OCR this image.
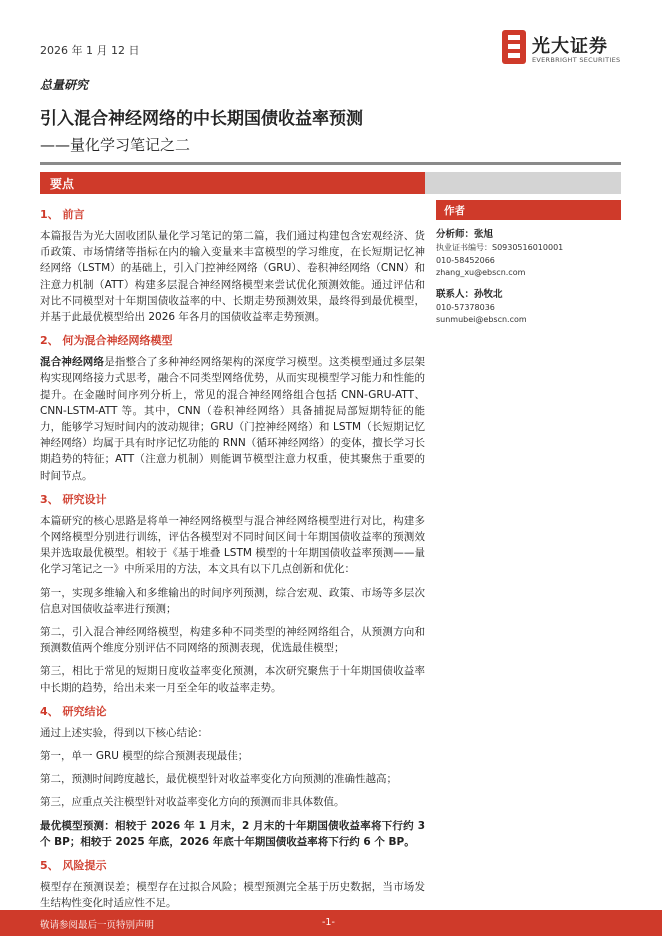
2026 年 1 月 12 日	光大证券
EVERBRIGHT SECURITIES
总量研究
引入混合神经网络的中长期国债收益率预测
——量化学习笔记之二
要点
1、 前言

本篇报告为光大固收团队量化学习笔记的第二篇，我们通过构建包含宏观经济、货币政策、市场情绪等指标在内的输入变量来丰富模型的学习维度，在长短期记忆神经网络（LSTM）的基础上，引入门控神经网络（GRU）、卷积神经网络（CNN）和注意力机制（ATT）构建多层混合神经网络模型来尝试优化预测效能。通过评估和对比不同模型对十年期国债收益率的中、长期走势预测效果，最终得到最优模型，并基于此最优模型给出 2026 年各月的国债收益率走势预测。

2、 何为混合神经网络模型

混合神经网络是指整合了多种神经网络架构的深度学习模型。这类模型通过多层架构实现网络接力式思考，融合不同类型网络优势，从而实现模型学习能力和性能的提升。在金融时间序列分析上，常见的混合神经网络组合包括 CNN-GRU-ATT、CNN-LSTM-ATT 等。其中，CNN（卷积神经网络）具备捕捉局部短期特征的能力，能够学习短时间内的波动规律；GRU（门控神经网络）和 LSTM（长短期记忆神经网络）均属于具有时序记忆功能的 RNN（循环神经网络）的变体，擅长学习长期趋势的特征；ATT（注意力机制）则能调节模型注意力权重，使其聚焦于重要的时间节点。

3、 研究设计

本篇研究的核心思路是将单一神经网络模型与混合神经网络模型进行对比，构建多个网络模型分别进行训练，评估各模型对不同时间区间十年期国债收益率的预测效果并选取最优模型。相较于《基于堆叠 LSTM 模型的十年期国债收益率预测——量化学习笔记之一》中所采用的方法，本文具有以下几点创新和优化：

第一，实现多维输入和多维输出的时间序列预测，综合宏观、政策、市场等多层次信息对国债收益率进行预测；

第二，引入混合神经网络模型，构建多种不同类型的神经网络组合，从预测方向和预测数值两个维度分别评估不同网络的预测表现，优选最佳模型；

第三，相比于常见的短期日度收益率变化预测，本次研究聚焦于十年期国债收益率中长期的趋势，给出未来一月至全年的收益率走势。

4、 研究结论

通过上述实验，得到以下核心结论：

第一，单一 GRU 模型的综合预测表现最佳；

第二，预测时间跨度越长，最优模型针对收益率变化方向预测的准确性越高；

第三，应重点关注模型针对收益率变化方向的预测而非具体数值。

最优模型预测：相较于 2026 年 1 月末，2 月末的十年期国债收益率将下行约 3 个 BP；相较于 2025 年底，2026 年底十年期国债收益率将下行约 6 个 BP。

5、 风险提示

模型存在预测误差；模型存在过拟合风险；模型预测完全基于历史数据，当市场发生结构性变化时适应性不足。

作者
分析师：张旭
执业证书编号：S0930516010001
010-58452066
zhang_xu@ebscn.com
联系人：孙牧北
010-57378036
sunmubei@ebscn.com
敬请参阅最后一页特别声明	-1-
